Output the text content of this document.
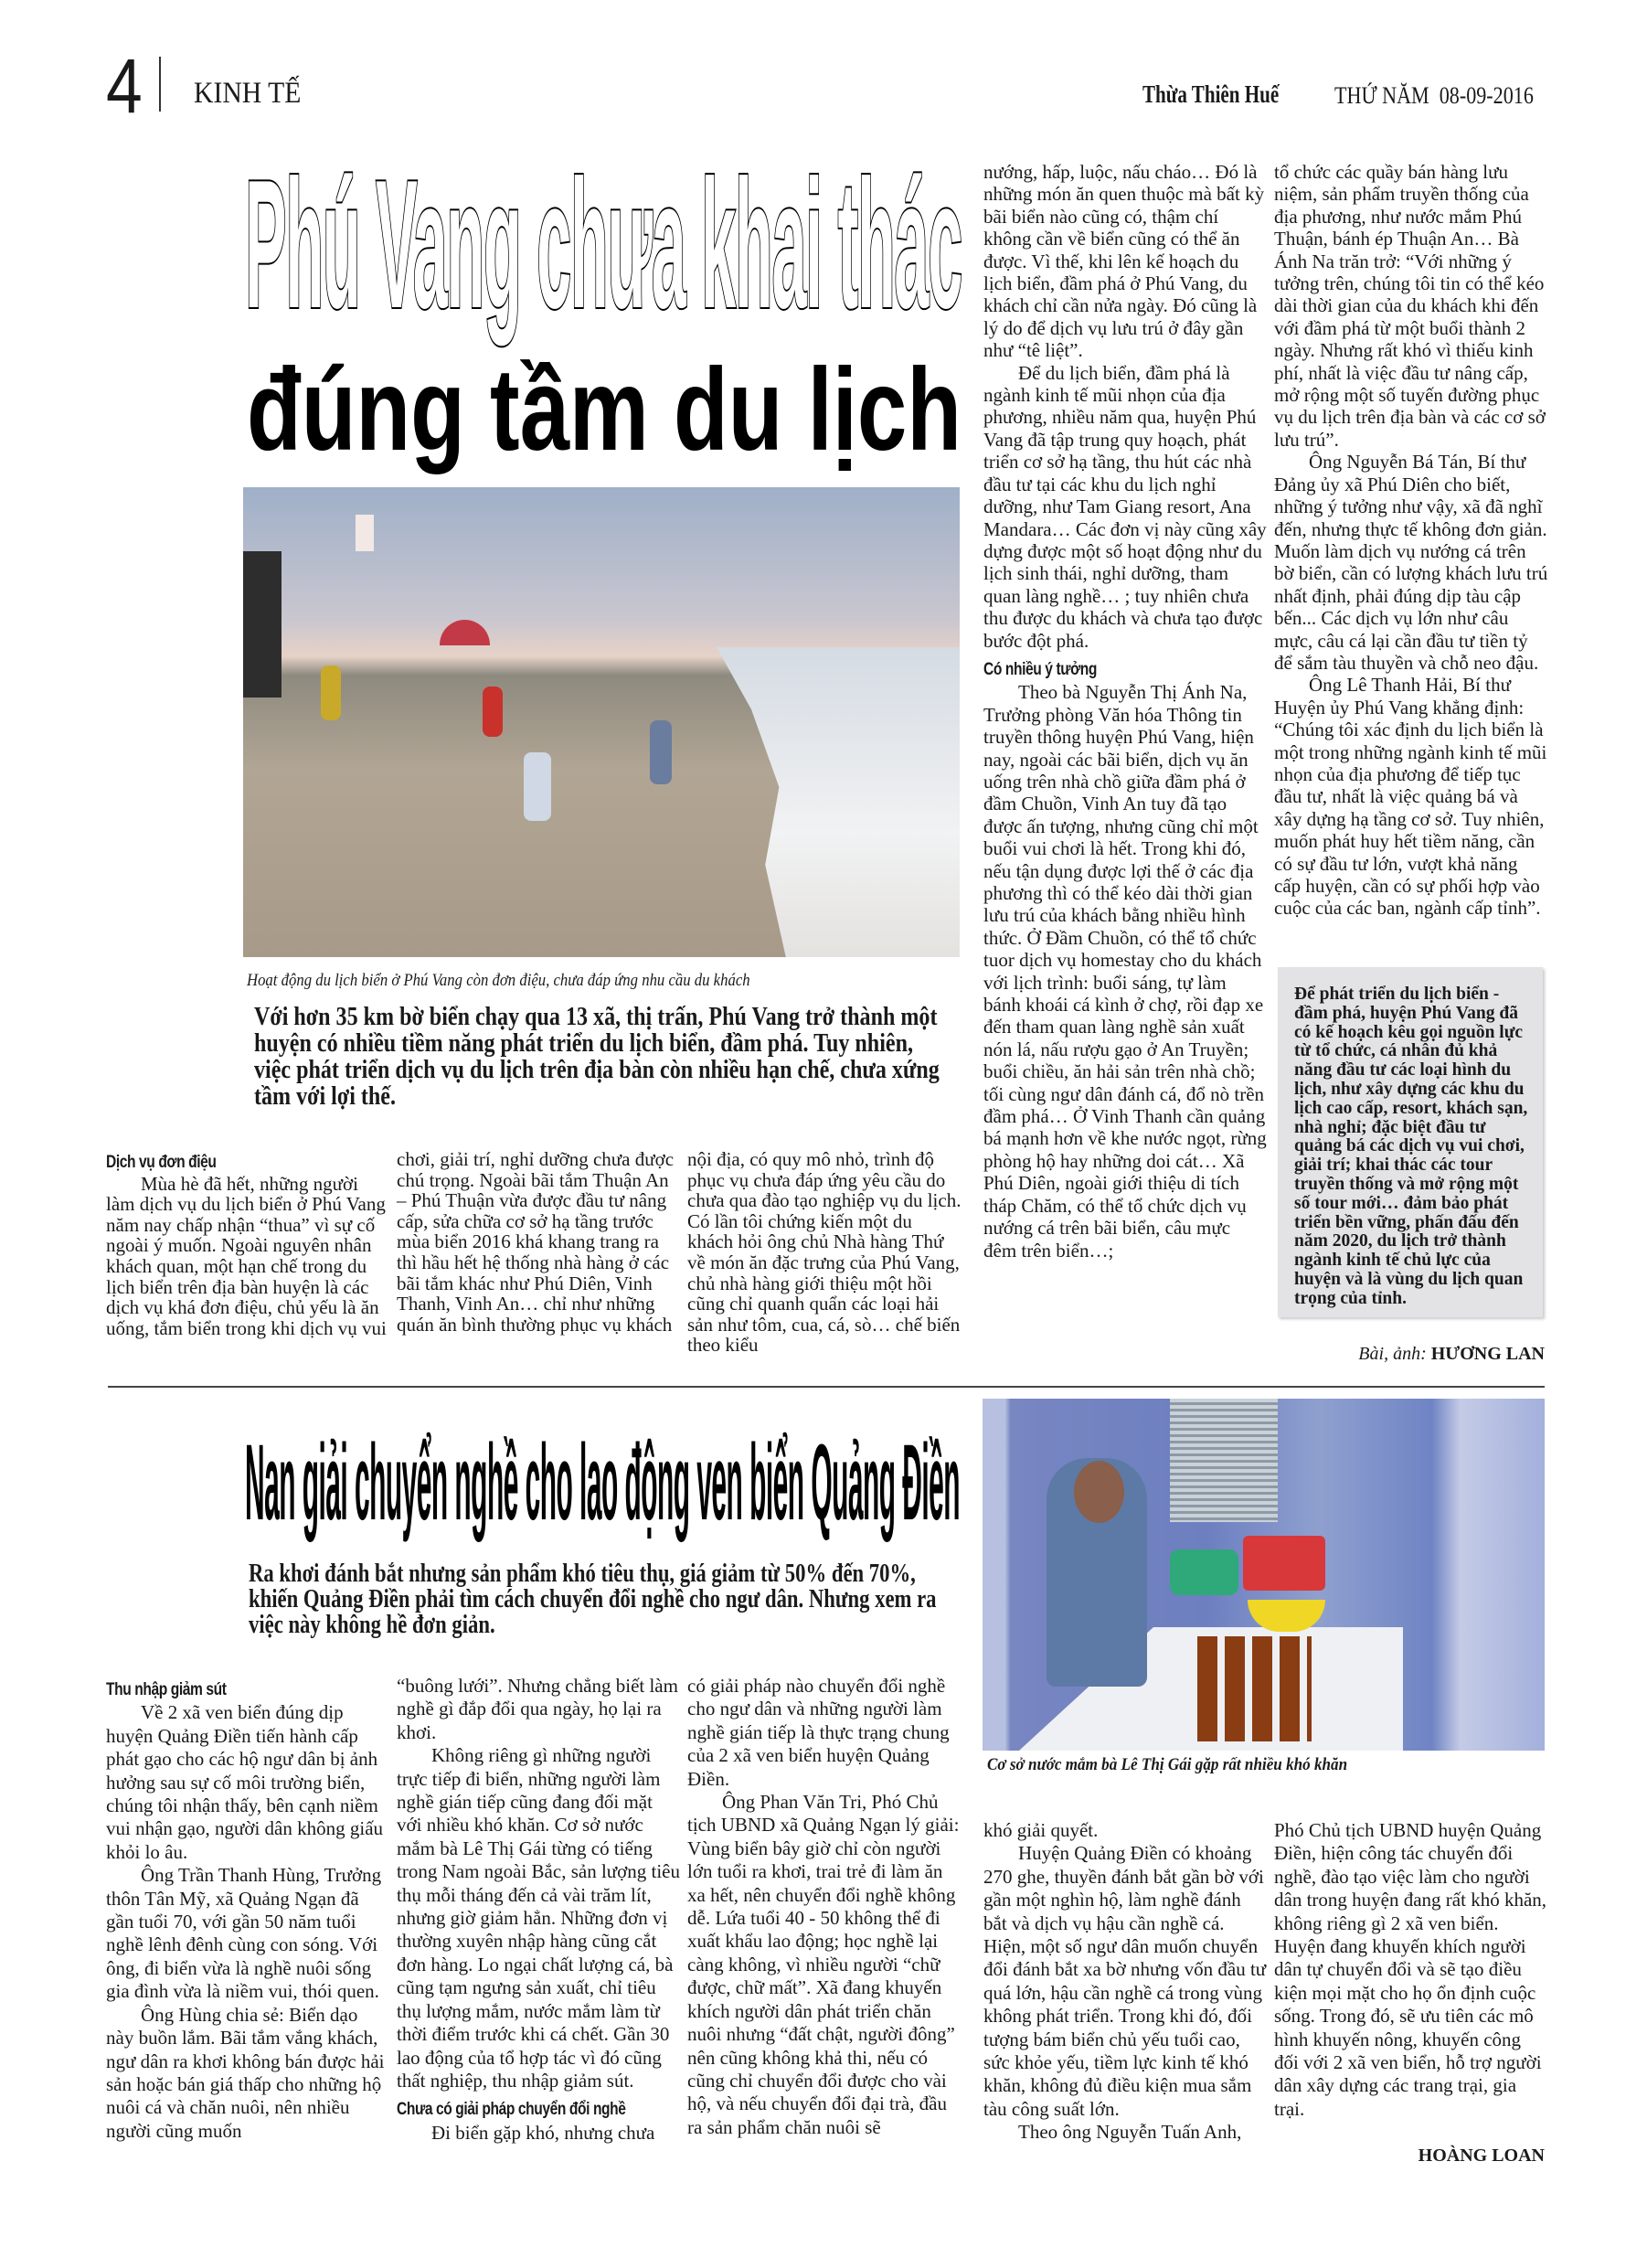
4 KINH TẾ	Thừa Thiên Huế THỨ NĂM  08-09-2016
Phú Vang chưa khai thác
đúng tầm du lịch
Hoạt động du lịch biển ở Phú Vang còn đơn điệu, chưa đáp ứng nhu cầu du khách
Với hơn 35 km bờ biển chạy qua 13 xã, thị trấn, Phú Vang trở thành một huyện có nhiều tiềm năng phát triển du lịch biển, đầm phá. Tuy nhiên, việc phát triển dịch vụ du lịch trên địa bàn còn nhiều hạn chế, chưa xứng tầm với lợi thế.
Dịch vụ đơn điệu

Mùa hè đã hết, những người làm dịch vụ du lịch biển ở Phú Vang năm nay chấp nhận “thua” vì sự cố ngoài ý muốn. Ngoài nguyên nhân khách quan, một hạn chế trong du lịch biển trên địa bàn huyện là các dịch vụ khá đơn điệu, chủ yếu là ăn uống, tắm biển trong khi dịch vụ vui

chơi, giải trí, nghỉ dưỡng chưa được chú trọng. Ngoài bãi tắm Thuận An – Phú Thuận vừa được đầu tư nâng cấp, sửa chữa cơ sở hạ tầng trước mùa biển 2016 khá khang trang ra thì hầu hết hệ thống nhà hàng ở các bãi tắm khác như Phú Diên, Vinh Thanh, Vinh An… chỉ như những quán ăn bình thường phục vụ khách

nội địa, có quy mô nhỏ, trình độ phục vụ chưa đáp ứng yêu cầu do chưa qua đào tạo nghiệp vụ du lịch. Có lần tôi chứng kiến một du khách hỏi ông chủ Nhà hàng Thứ về món ăn đặc trưng của Phú Vang, chủ nhà hàng giới thiệu một hồi cũng chỉ quanh quẩn các loại hải sản như tôm, cua, cá, sò… chế biến theo kiểu

nướng, hấp, luộc, nấu cháo… Đó là những món ăn quen thuộc mà bất kỳ bãi biển nào cũng có, thậm chí không cần về biển cũng có thể ăn được. Vì thế, khi lên kế hoạch du lịch biển, đầm phá ở Phú Vang, du khách chỉ cần nửa ngày. Đó cũng là lý do để dịch vụ lưu trú ở đây gần như “tê liệt”.

Để du lịch biển, đầm phá là ngành kinh tế mũi nhọn của địa phương, nhiều năm qua, huyện Phú Vang đã tập trung quy hoạch, phát triển cơ sở hạ tầng, thu hút các nhà đầu tư tại các khu du lịch nghỉ dưỡng, như Tam Giang resort, Ana Mandara… Các đơn vị này cũng xây dựng được một số hoạt động như du lịch sinh thái, nghỉ dưỡng, tham quan làng nghề… ; tuy nhiên chưa thu được du khách và chưa tạo được bước đột phá.

Có nhiều ý tưởng

Theo bà Nguyễn Thị Ánh Na, Trưởng phòng Văn hóa Thông tin truyền thông huyện Phú Vang, hiện nay, ngoài các bãi biển, dịch vụ ăn uống trên nhà chồ giữa đầm phá ở đầm Chuồn, Vinh An tuy đã tạo được ấn tượng, nhưng cũng chỉ một buổi vui chơi là hết. Trong khi đó, nếu tận dụng được lợi thế ở các địa phương thì có thể kéo dài thời gian lưu trú của khách bằng nhiều hình thức. Ở Đầm Chuồn, có thể tổ chức tuor dịch vụ homestay cho du khách với lịch trình: buổi sáng, tự làm bánh khoái cá kình ở chợ, rồi đạp xe đến tham quan làng nghề sản xuất nón lá, nấu rượu gạo ở An Truyền; buổi chiều, ăn hải sản trên nhà chồ; tối cùng ngư dân đánh cá, đổ nò trền đầm phá… Ở Vinh Thanh cần quảng bá mạnh hơn về khe nước ngọt, rừng phòng hộ hay những doi cát… Xã Phú Diên, ngoài giới thiệu di tích tháp Chăm, có thể tổ chức dịch vụ nướng cá trên bãi biển, câu mực đêm trên biển…;

tổ chức các quầy bán hàng lưu niệm, sản phẩm truyền thống của địa phương, như nước mắm Phú Thuận, bánh ép Thuận An… Bà Ánh Na trăn trở: “Với những ý tưởng trên, chúng tôi tin có thể kéo dài thời gian của du khách khi đến với đầm phá từ một buổi thành 2 ngày. Nhưng rất khó vì thiếu kinh phí, nhất là việc đầu tư nâng cấp, mở rộng một số tuyến đường phục vụ du lịch trên địa bàn và các cơ sở lưu trú”.

Ông Nguyễn Bá Tán, Bí thư Đảng ủy xã Phú Diên cho biết, những ý tưởng như vậy, xã đã nghĩ đến, nhưng thực tế không đơn giản. Muốn làm dịch vụ nướng cá trên bờ biển, cần có lượng khách lưu trú nhất định, phải đúng dịp tàu cập bến... Các dịch vụ lớn như câu mực, câu cá lại cần đầu tư tiền tỷ để sắm tàu thuyền và chỗ neo đậu.

Ông Lê Thanh Hải, Bí thư Huyện ủy Phú Vang khẳng định: “Chúng tôi xác định du lịch biển là một trong những ngành kinh tế mũi nhọn của địa phương để tiếp tục đầu tư, nhất là việc quảng bá và xây dựng hạ tầng cơ sở. Tuy nhiên, muốn phát huy hết tiềm năng, cần có sự đầu tư lớn, vượt khả năng cấp huyện, cần có sự phối hợp vào cuộc của các ban, ngành cấp tỉnh”.

Để phát triển du lịch biển - đầm phá, huyện Phú Vang đã có kế hoạch kêu gọi nguồn lực từ tổ chức, cá nhân đủ khả năng đầu tư các loại hình du lịch, như xây dựng các khu du lịch cao cấp, resort, khách sạn, nhà nghỉ; đặc biệt đầu tư quảng bá các dịch vụ vui chơi, giải trí; khai thác các tour truyền thống và mở rộng một số tour mới… đảm bảo phát triển bền vững, phấn đấu đến năm 2020, du lịch trở thành ngành kinh tế chủ lực của huyện và là vùng du lịch quan trọng của tỉnh.

Bài, ảnh: HƯƠNG LAN
Nan giải chuyển nghề cho lao động ven biển Quảng Điền
Ra khơi đánh bắt nhưng sản phẩm khó tiêu thụ, giá giảm từ 50% đến 70%, khiến Quảng Điền phải tìm cách chuyển đổi nghề cho ngư dân. Nhưng xem ra việc này không hề đơn giản.
Cơ sở nước mắm bà Lê Thị Gái gặp rất nhiều khó khăn
Thu nhập giảm sút

Về 2 xã ven biển đúng dịp huyện Quảng Điền tiến hành cấp phát gạo cho các hộ ngư dân bị ảnh hưởng sau sự cố môi trường biển, chúng tôi nhận thấy, bên cạnh niềm vui nhận gạo, người dân không giấu khỏi lo âu.

Ông Trần Thanh Hùng, Trưởng thôn Tân Mỹ, xã Quảng Ngạn đã gần tuổi 70, với gần 50 năm tuổi nghề lênh đênh cùng con sóng. Với ông, đi biển vừa là nghề nuôi sống gia đình vừa là niềm vui, thói quen.

Ông Hùng chia sẻ: Biển dạo này buồn lắm. Bãi tắm vắng khách, ngư dân ra khơi không bán được hải sản hoặc bán giá thấp cho những hộ nuôi cá và chăn nuôi, nên nhiều người cũng muốn

“buông lưới”. Nhưng chẳng biết làm nghề gì đắp đổi qua ngày, họ lại ra khơi.

Không riêng gì những người trực tiếp đi biển, những người làm nghề gián tiếp cũng đang đối mặt với nhiều khó khăn. Cơ sở nước mắm bà Lê Thị Gái từng có tiếng trong Nam ngoài Bắc, sản lượng tiêu thụ mỗi tháng đến cả vài trăm lít, nhưng giờ giảm hẳn. Những đơn vị thường xuyên nhập hàng cũng cắt đơn hàng. Lo ngại chất lượng cá, bà cũng tạm ngưng sản xuất, chỉ tiêu thụ lượng mắm, nước mắm làm từ thời điểm trước khi cá chết. Gần 30 lao động của tổ hợp tác vì đó cũng thất nghiệp, thu nhập giảm sút.

Chưa có giải pháp chuyển đổi nghề

Đi biển gặp khó, nhưng chưa

có giải pháp nào chuyển đổi nghề cho ngư dân và những người làm nghề gián tiếp là thực trạng chung của 2 xã ven biển huyện Quảng Điền.

Ông Phan Văn Tri, Phó Chủ tịch UBND xã Quảng Ngạn lý giải: Vùng biển bây giờ chỉ còn người lớn tuổi ra khơi, trai trẻ đi làm ăn xa hết, nên chuyển đổi nghề không dễ. Lứa tuổi 40 - 50 không thể đi xuất khẩu lao động; học nghề lại càng không, vì nhiều người “chữ được, chữ mất”. Xã đang khuyến khích người dân phát triển chăn nuôi nhưng “đất chật, người đông” nên cũng không khả thi, nếu có cũng chỉ chuyển đổi được cho vài hộ, và nếu chuyển đổi đại trà, đầu ra sản phẩm chăn nuôi sẽ

khó giải quyết.

Huyện Quảng Điền có khoảng 270 ghe, thuyền đánh bắt gần bờ với gần một nghìn hộ, làm nghề đánh bắt và dịch vụ hậu cần nghề cá. Hiện, một số ngư dân muốn chuyển đổi đánh bắt xa bờ nhưng vốn đầu tư quá lớn, hậu cần nghề cá trong vùng không phát triển. Trong khi đó, đối tượng bám biển chủ yếu tuổi cao, sức khỏe yếu, tiềm lực kinh tế khó khăn, không đủ điều kiện mua sắm tàu công suất lớn.

Theo ông Nguyễn Tuấn Anh,

Phó Chủ tịch UBND huyện Quảng Điền, hiện công tác chuyển đổi nghề, đào tạo việc làm cho người dân trong huyện đang rất khó khăn, không riêng gì 2 xã ven biển. Huyện đang khuyến khích người dân tự chuyển đổi và sẽ tạo điều kiện mọi mặt cho họ ổn định cuộc sống. Trong đó, sẽ ưu tiên các mô hình khuyến nông, khuyến công đối với 2 xã ven biển, hỗ trợ người dân xây dựng các trang trại, gia trại.

HOÀNG LOAN
